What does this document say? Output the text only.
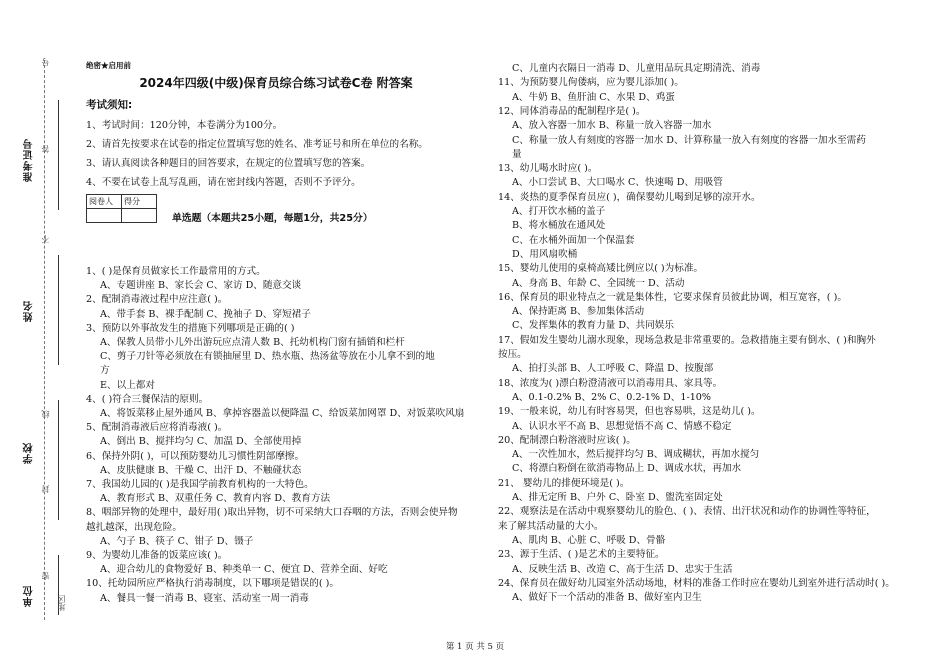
号
答
不
线
封
密
准考证号
姓名
学校
单位	地区
绝密★启用前
2024年四级(中级)保育员综合练习试卷C卷 附答案
考试须知:
1、考试时间：120分钟，本卷满分为100分。
2、请首先按要求在试卷的指定位置填写您的姓名、准考证号和所在单位的名称。
3、请认真阅读各种题目的回答要求，在规定的位置填写您的答案。
4、不要在试卷上乱写乱画，请在密封线内答题，否则不予评分。
阅卷人	得分

单选题（本题共25小题，每题1分，共25分）
1、( )是保育员做家长工作最常用的方式。
A、专题讲座 B、家长会 C、家访 D、随意交谈
2、配制消毒液过程中应注意( )。
A、带手套 B、裸手配制 C、挽袖子 D、穿短裙子
3、预防以外事故发生的措施下列哪项是正确的( )
A、保教人员带小儿外出游玩应点清人数 B、托幼机构门窗有插销和栏杆
C、剪子刀针等必须放在有锁抽屉里 D、热水瓶、热汤盆等放在小儿拿不到的地
方
E、以上都对
4、( )符合三餐保洁的原则。
A、将饭菜移止屋外通风 B、拿掉容器盖以便降温 C、给饭菜加网罩 D、对饭菜吹风扇
5、配制消毒液后应将消毒液( )。
A、倒出 B、搅拌均匀 C、加温 D、全部使用掉
6、保持外阴( )，可以预防婴幼儿习惯性阴部摩擦。
A、皮肤健康 B、干燥 C、出汗 D、不触碰状态
7、我国幼儿园的( )是我国学前教育机构的一大特色。
A、教育形式 B、双重任务 C、教育内容 D、教育方法
8、咽部异物的处理中，最好用( )取出异物，切不可采纳大口吞咽的方法，否则会使异物
越扎越深，出现危险。
A、勺子 B、筷子 C、钳子 D、镊子
9、为婴幼儿准备的饭菜应该( )。
A、迎合幼儿的食物爱好 B、种类单一 C、便宜 D、营养全面、好吃
10、托幼园所应严格执行消毒制度，以下哪项是错误的( )。
A、餐具一餐一消毒 B、寝室、活动室一周一消毒
C、儿童内衣隔日一消毒 D、儿童用品玩具定期清洗、消毒
11、为预防婴儿佝偻病，应为婴儿添加( )。
A、牛奶 B、鱼肝油 C、水果 D、鸡蛋
12、同体消毒品的配制程序是( )。
A、放入容器一加水 B、称量一放入容器一加水
C、称量一放人有刻度的容器一加水 D、计算称量一放入有刻度的容器一加水至需药
量
13、幼儿喝水时应( )。
A、小口尝试 B、大口喝水 C、快速喝 D、用吸管
14、炎热的夏季保育员应( )，确保婴幼儿喝到足够的凉开水。
A、打开饮水桶的盖子
B、将水桶放在通风处
C、在水桶外面加一个保温套
D、用风扇吹桶
15、婴幼儿使用的桌椅高矮比例应以( )为标准。
A、身高 B、年龄 C、全园统一 D、活动
16、保育员的职业特点之一就是集体性，它要求保育员彼此协调，相互宽容，( )。
A、保持距离 B、参加集体活动
C、发挥集体的教育力量 D、共同娱乐
17、假如发生婴幼儿溺水现象，现场急救是非常重要的。急救措施主要有倒水、( )和胸外
按压。
A、拍打头部 B、人工呼吸 C、降温 D、按腹部
18、浓度为( )漂白粉澄清液可以消毒用具、家具等。
A、0.1-0.2% B、2% C、0.2-1% D、1-10%
19、一般来说，幼儿有时容易哭，但也容易哄，这是幼儿( )。
A、认识水平不高 B、思想觉悟不高 C、情感不稳定
20、配制漂白粉溶液时应该( )。
A、一次性加水，然后搅拌均匀 B、调成糊状，再加水搅匀
C、将漂白粉倒在欲消毒物品上 D、调成水状，再加水
21、 婴幼儿的排便环境是( )。
A、排无定所 B、户外 C、卧室 D、盥洗室固定处
22、观察法是在活动中观察婴幼儿的脸色、( )、表情、出汗状况和动作的协调性等特征，
来了解其活动量的大小。
A、肌肉 B、心脏 C、呼吸 D、骨骼
23、源于生活、( )是艺术的主要特征。
A、反映生活 B、改造 C、高于生活 D、忠实于生活
24、保育员在做好幼儿园室外活动场地，材料的准备工作时应在婴幼儿到室外进行活动时( )。
A、做好下一个活动的准备 B、做好室内卫生
第 1 页 共 5 页
